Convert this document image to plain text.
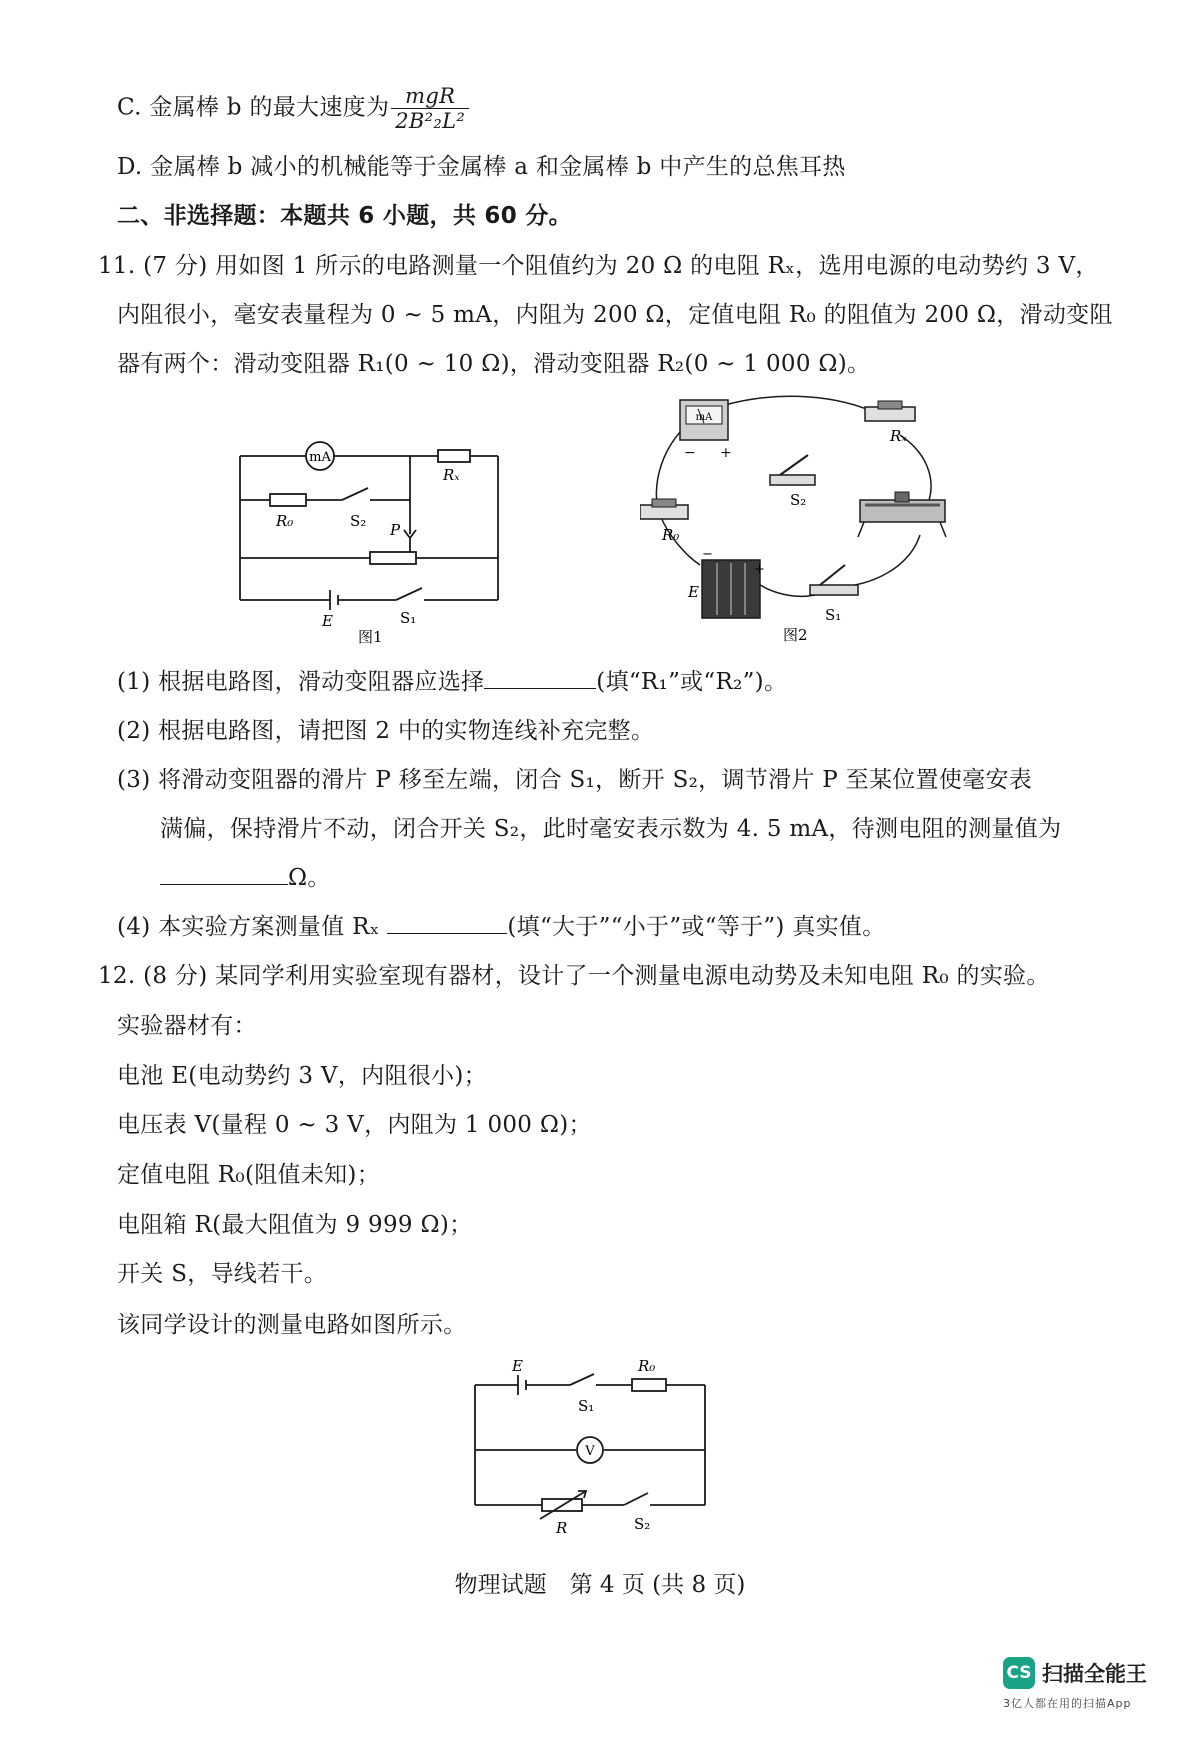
C. 金属棒 b 的最大速度为 $\frac{\text{mgR}}{\text{2B²₂L²}}$
D. 金属棒 b 减小的机械能等于金属棒 a 和金属棒 b 中产生的总焦耳热
二、非选择题：本题共 6 小题，共 60 分。
11. (7 分) 用如图 1 所示的电路测量一个阻值约为 20 Ω 的电阻 Rₓ，选用电源的电动势约 3 V，
内阻很小，毫安表量程为 0 ~ 5 mA，内阻为 200 Ω，定值电阻 R₀ 的阻值为 200 Ω，滑动变阻
器有两个：滑动变阻器 R₁(0 ~ 10 Ω)，滑动变阻器 R₂(0 ~ 1 000 Ω)。
mA
Rₓ
R₀	S₂ P
E	S₁
图1
mA
− +
Rₓ
S₂
R₀
E
−
+
S₁
图2
(1) 根据电路图，滑动变阻器应选择	(填“R₁”或“R₂”)。
(2) 根据电路图，请把图 2 中的实物连线补充完整。
(3) 将滑动变阻器的滑片 P 移至左端，闭合 S₁，断开 S₂，调节滑片 P 至某位置使毫安表
满偏，保持滑片不动，闭合开关 S₂，此时毫安表示数为 4. 5 mA，待测电阻的测量值为
Ω。
(4) 本实验方案测量值 Rₓ	(填“大于”“小于”或“等于”) 真实值。
12. (8 分) 某同学利用实验室现有器材，设计了一个测量电源电动势及未知电阻 R₀ 的实验。
实验器材有：
电池 E(电动势约 3 V，内阻很小)；
电压表 V(量程 0 ~ 3 V，内阻为 1 000 Ω)；
定值电阻 R₀(阻值未知)；
电阻箱 R(最大阻值为 9 999 Ω)；
开关 S，导线若干。
该同学设计的测量电路如图所示。
E
S₁
R₀
V
R	S₂
物理试题　第 4 页 (共 8 页)
CS 扫描全能王
3亿人都在用的扫描App
